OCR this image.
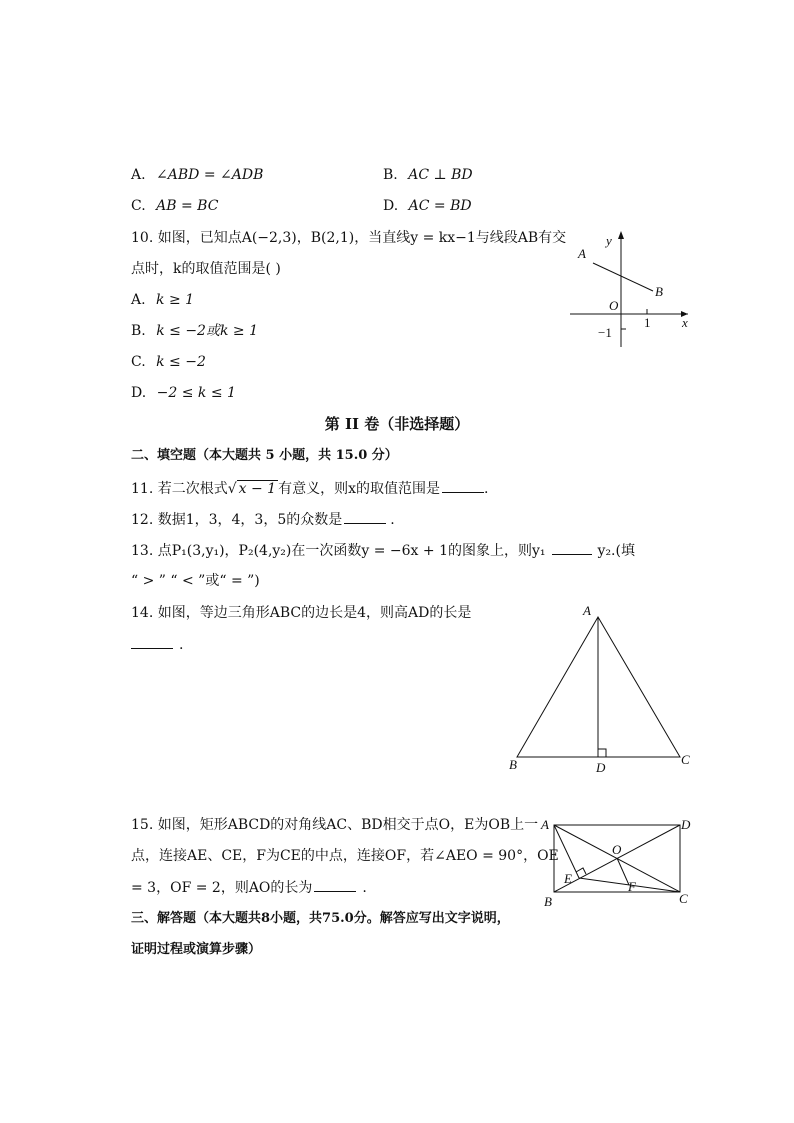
A. ∠ABD = ∠ADB	B. AC ⊥ BD
C. AB = BC	D. AC = BD
10. 如图，已知点A(−2,3)，B(2,1)，当直线y = kx−1与线段AB有交
点时，k的取值范围是( )
A. k ≥ 1
B. k ≤ −2或k ≥ 1
C. k ≤ −2
D. −2 ≤ k ≤ 1
y
x
A
B
O
1
−1
第 II 卷（非选择题）
二、填空题（本大题共 5 小题，共 15.0 分）
11. 若二次根式√ x − 1 有意义，则x的取值范围是	.
12. 数据1，3，4，3，5的众数是	.
13. 点P₁(3,y₁)，P₂(4,y₂)在一次函数y = −6x + 1的图象上，则y₁	y₂.(填
“ > ” “ < ”或“ = ”)
14. 如图，等边三角形ABC的边长是4，则高AD的长是
.
A
B	C
D
15. 如图，矩形ABCD的对角线AC、BD相交于点O，E为OB上一
点，连接AE、CE，F为CE的中点，连接OF，若∠AEO = 90°，OE
= 3，OF = 2，则AO的长为	.
A
B	C
D
O
E
F
三、解答题（本大题共8小题，共75.0分。解答应写出文字说明，
证明过程或演算步骤）
